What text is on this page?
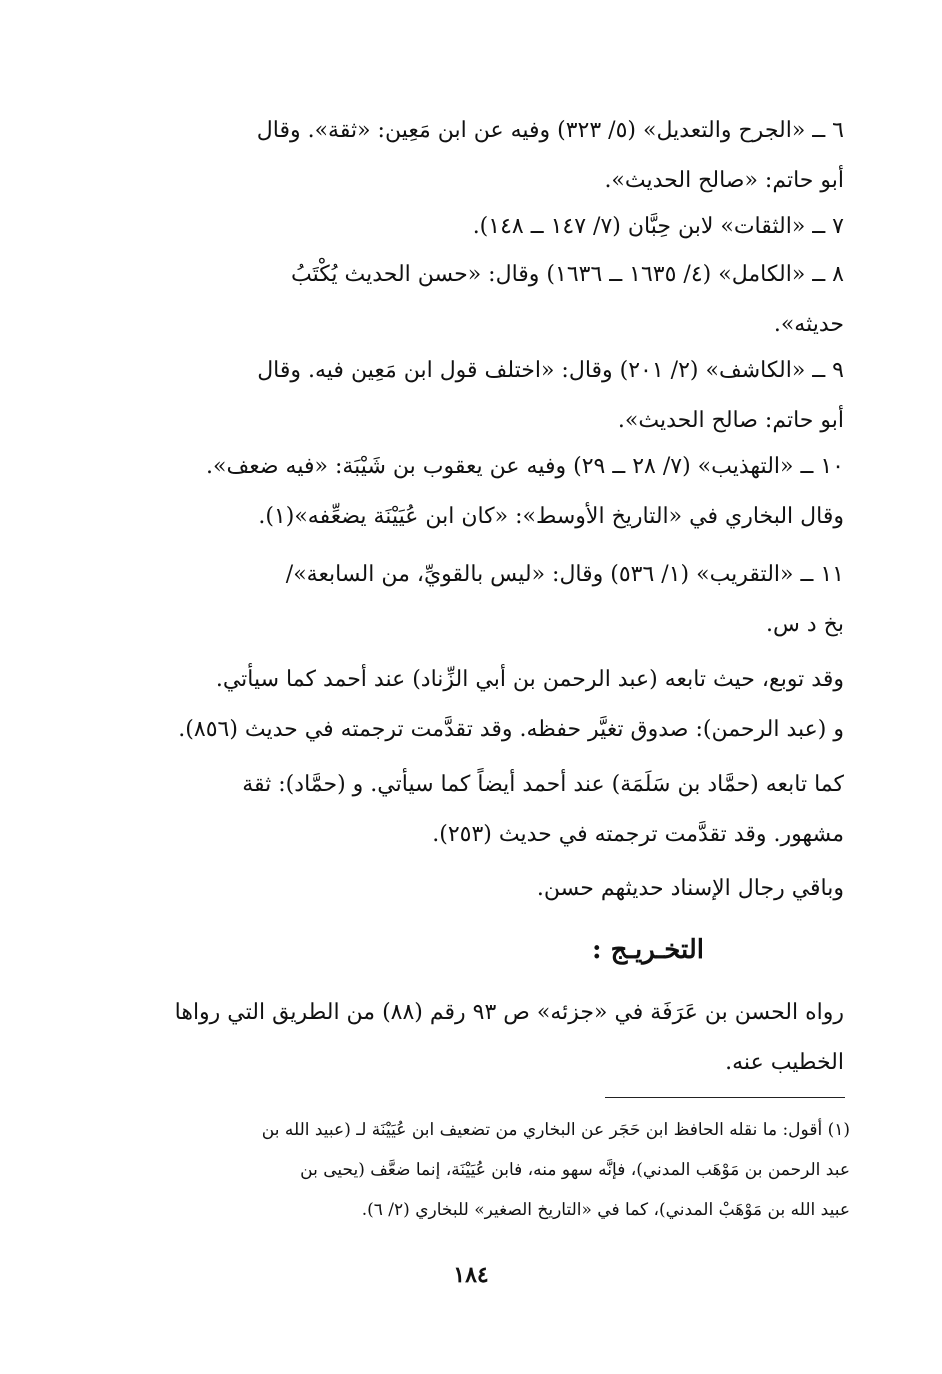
٦ ــ «الجرح والتعديل» (٥/ ٣٢٣) وفيه عن ابن مَعِين: «ثقة». وقال
أبو حاتم: «صالح الحديث».
٧ ــ «الثقات» لابن حِبَّان (٧/ ١٤٧ ــ ١٤٨).
٨ ــ «الكامل» (٤/ ١٦٣٥ ــ ١٦٣٦) وقال: «حسن الحديث يُكْتَبُ
حديثه».
٩ ــ «الكاشف» (٢/ ٢٠١) وقال: «اختلف قول ابن مَعِين فيه. وقال
أبو حاتم: صالح الحديث».
١٠ ــ «التهذيب» (٧/ ٢٨ ــ ٢٩) وفيه عن يعقوب بن شَيْبَة: «فيه ضعف».
وقال البخاري في «التاريخ الأوسط»: «كان ابن عُيَيْنَة يضعِّفه»(١).
١١ ــ «التقريب» (١/ ٥٣٦) وقال: «ليس بالقويِّ، من السابعة»/
بخ د س.
وقد توبع، حيث تابعه (عبد الرحمن بن أبي الزِّناد) عند أحمد كما سيأتي.
و (عبد الرحمن): صدوق تغيَّر حفظه. وقد تقدَّمت ترجمته في حديث (٨٥٦).
كما تابعه (حمَّاد بن سَلَمَة) عند أحمد أيضاً كما سيأتي. و (حمَّاد): ثقة
مشهور. وقد تقدَّمت ترجمته في حديث (٢٥٣).
وباقي رجال الإسناد حديثهم حسن.
التخـريـج :
رواه الحسن بن عَرَفَة في «جزئه» ص ٩٣ رقم (٨٨) من الطريق التي رواها
الخطيب عنه.
(١) أقول: ما نقله الحافظ ابن حَجَر عن البخاري من تضعيف ابن عُيَيْنَة لـ (عبيد الله بن
عبد الرحمن بن مَوْهَب المدني)، فإنَّه سهو منه، فابن عُيَيْنَة، إنما ضعَّف (يحيى بن
عبيد الله بن مَوْهَبْ المدني)، كما في «التاريخ الصغير» للبخاري (٢/ ٦).
١٨٤
